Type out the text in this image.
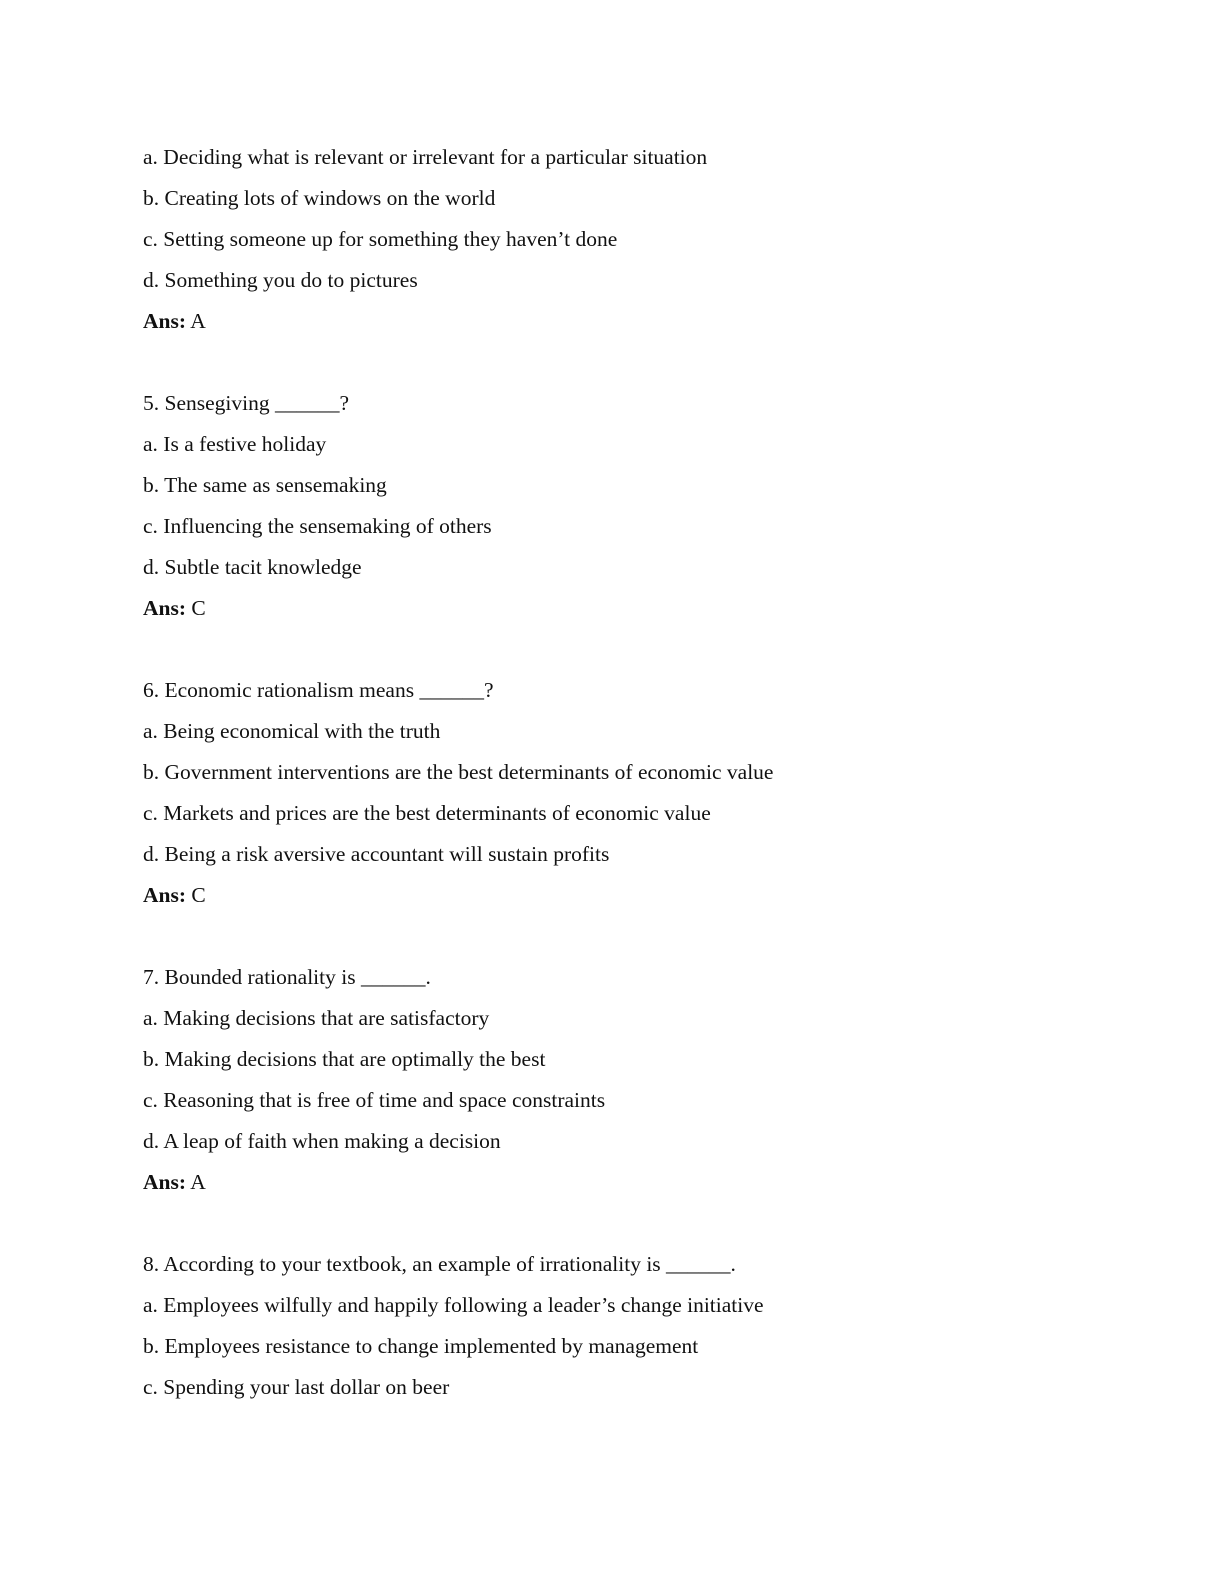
a. Deciding what is relevant or irrelevant for a particular situation
b. Creating lots of windows on the world
c. Setting someone up for something they haven’t done
d. Something you do to pictures
Ans: A
5. Sensegiving ______?
a. Is a festive holiday
b. The same as sensemaking
c. Influencing the sensemaking of others
d. Subtle tacit knowledge
Ans: C
6. Economic rationalism means ______?
a. Being economical with the truth
b. Government interventions are the best determinants of economic value
c. Markets and prices are the best determinants of economic value
d. Being a risk aversive accountant will sustain profits
Ans: C
7. Bounded rationality is ______.
a. Making decisions that are satisfactory
b. Making decisions that are optimally the best
c. Reasoning that is free of time and space constraints
d. A leap of faith when making a decision
Ans: A
8. According to your textbook, an example of irrationality is ______.
a. Employees wilfully and happily following a leader’s change initiative
b. Employees resistance to change implemented by management
c. Spending your last dollar on beer
